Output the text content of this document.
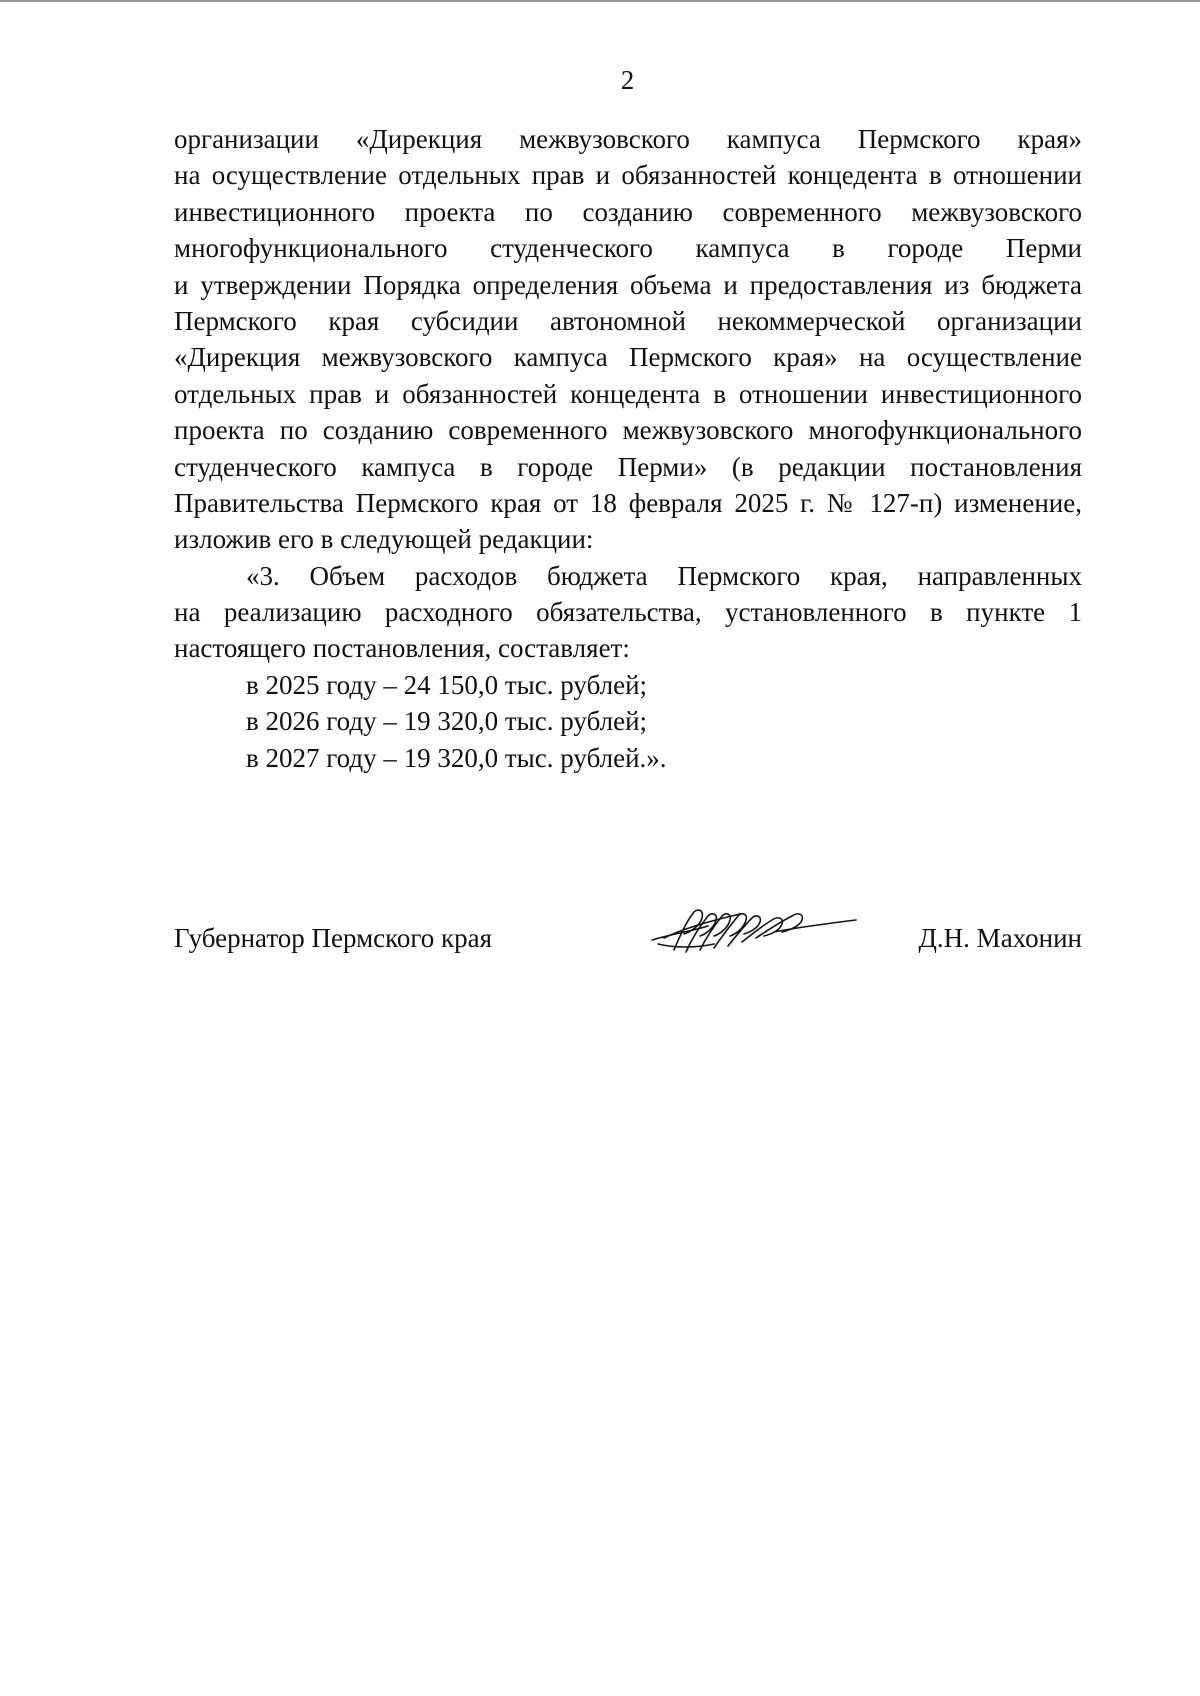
2
организации «Дирекция межвузовского кампуса Пермского края»
на осуществление отдельных прав и обязанностей концедента в отношении
инвестиционного проекта по созданию современного межвузовского
многофункционального студенческого кампуса в городе Перми
и утверждении Порядка определения объема и предоставления из бюджета
Пермского края субсидии автономной некоммерческой организации
«Дирекция межвузовского кампуса Пермского края» на осуществление
отдельных прав и обязанностей концедента в отношении инвестиционного
проекта по созданию современного межвузовского многофункционального
студенческого кампуса в городе Перми» (в редакции постановления
Правительства Пермского края от 18 февраля 2025 г. № 127-п) изменение,
изложив его в следующей редакции:
«3. Объем расходов бюджета Пермского края, направленных
на реализацию расходного обязательства, установленного в пункте 1
настоящего постановления, составляет:
в 2025 году – 24 150,0 тыс. рублей;
в 2026 году – 19 320,0 тыс. рублей;
в 2027 году – 19 320,0 тыс. рублей.».
Губернатор Пермского края	Д.Н. Махонин
